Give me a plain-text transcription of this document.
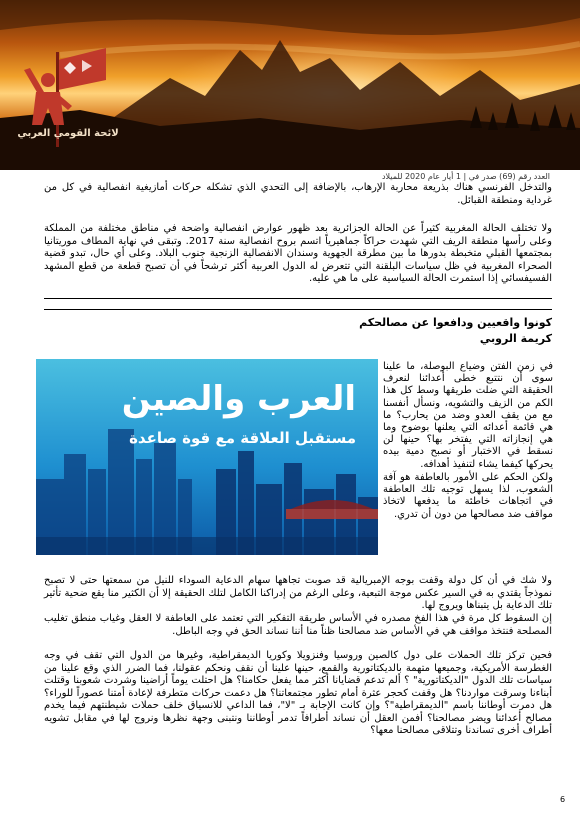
لائحة القومي العربي
العدد رقم (69) صدر في | 1 أيار عام 2020 للميلاد

والتدخل الفرنسي هناك بذريعة محاربة الإرهاب، بالإضافة إلى التحدي الذي تشكله حركات أمازيغية انفصالية في كل من غرداية ومنطقة القبائل.

ولا تختلف الحالة المغربية كثيراً عن الحالة الجزائرية بعد ظهور عوارض انفصالية واضحة في مناطق مختلفة من المملكة وعلى رأسها منطقة الريف التي شهدت حراكاً جماهيرياً اتسم بروح انفصالية سنة 2017. وتبقى في نهاية المطاف موريتانيا بمجتمعها القبلي متخبطة بدورها ما بين مطرقة الجهوية وسندان الانفصالية الزنجية جنوب البلاد. وعلى أي حال، تبدو قضية الصحراء المغربية في ظل سياسات البلقنة التي تتعرض له الدول العربية أكثر ترشحاً في أن تصبح قطعة من قطع المشهد الفسيفسائي إذا استمرت الحالة السياسية على ما هي عليه.

كونوا واقعيين ودافعوا عن مصالحكم
كريمة الروبي
العرب والصين
مستقبل العلاقة مع قوة صاعدة

في زمن الفتن وضياع البوصلة، ما علينا سوى أن نتتبع خطى أعدائنا لنعرف الحقيقة التي ضلت طريقها وسط كل هذا الكم من الزيف والتشويه، ونسأل أنفسنا مع من يقف العدو وضد من يحارب؟ ما هي قائمة أعدائه التي يعلنها بوضوح وما هي إنجازاته التي يفتخر بها؟ حينها لن نسقط في الاختبار أو نصبح دمية بيده يحركها كيفما يشاء لتنفيذ أهدافه.

ولكن الحكم على الأمور بالعاطفة هو آفة الشعوب، لذا يسهل توجيه تلك العاطفة في اتجاهات خاطئة ما يدفعها لاتخاذ مواقف ضد مصالحها من دون أن تدري.

ولا شك في أن كل دولة وقفت بوجه الإمبريالية قد صوبت تجاهها سهام الدعاية السوداء للنيل من سمعتها حتى لا تصبح نموذجاً يقتدي به في السير عكس موجة التبعية، وعلى الرغم من إدراكنا الكامل لتلك الحقيقة إلا أن الكثير منا يقع ضحية تأثير تلك الدعاية بل يتبناها ويروج لها.

إن السقوط كل مرة في هذا الفخ مصدره في الأساس طريقة التفكير التي تعتمد على العاطفة لا العقل وغياب منطق تغليب المصلحة فنتخذ مواقف هي في الأساس ضد مصالحنا ظناً منا أننا نساند الحق في وجه الباطل.

فحين تركز تلك الحملات على دول كالصين وروسيا وفنزويلا وكوريا الديمقراطية، وغيرها من الدول التي تقف في وجه الغطرسة الأمريكية، وجميعها متهمة بالديكتاتورية والقمع، حينها علينا أن نقف ونحكم عقولنا، فما الضرر الذي وقع علينا من سياسات تلك الدول "الديكتاتورية" ؟ ألم تدعم قضايانا أكثر مما يفعل حكامنا؟ هل احتلت يوماً أراضينا وشردت شعوبنا وقتلت أبناءنا وسرقت مواردنا؟ هل وقفت كحجر عثرة أمام تطور مجتمعاتنا؟ هل دعمت حركات متطرفة لإعادة أمتنا عصوراً للوراء؟ هل دمرت أوطاننا باسم "الديمقراطية"؟ وإن كانت الإجابة بـ "لا"، فما الداعي للانسياق خلف حملات شيطنتهم فيما يخدم مصالح أعدائنا ويضر مصالحنا؟ أفمن العقل أن نساند أطرافاً تدمر أوطاننا ونتبنى وجهة نظرها ونروج لها في مقابل تشويه أطراف أخرى تساندنا وتتلاقى مصالحنا معها؟

6
